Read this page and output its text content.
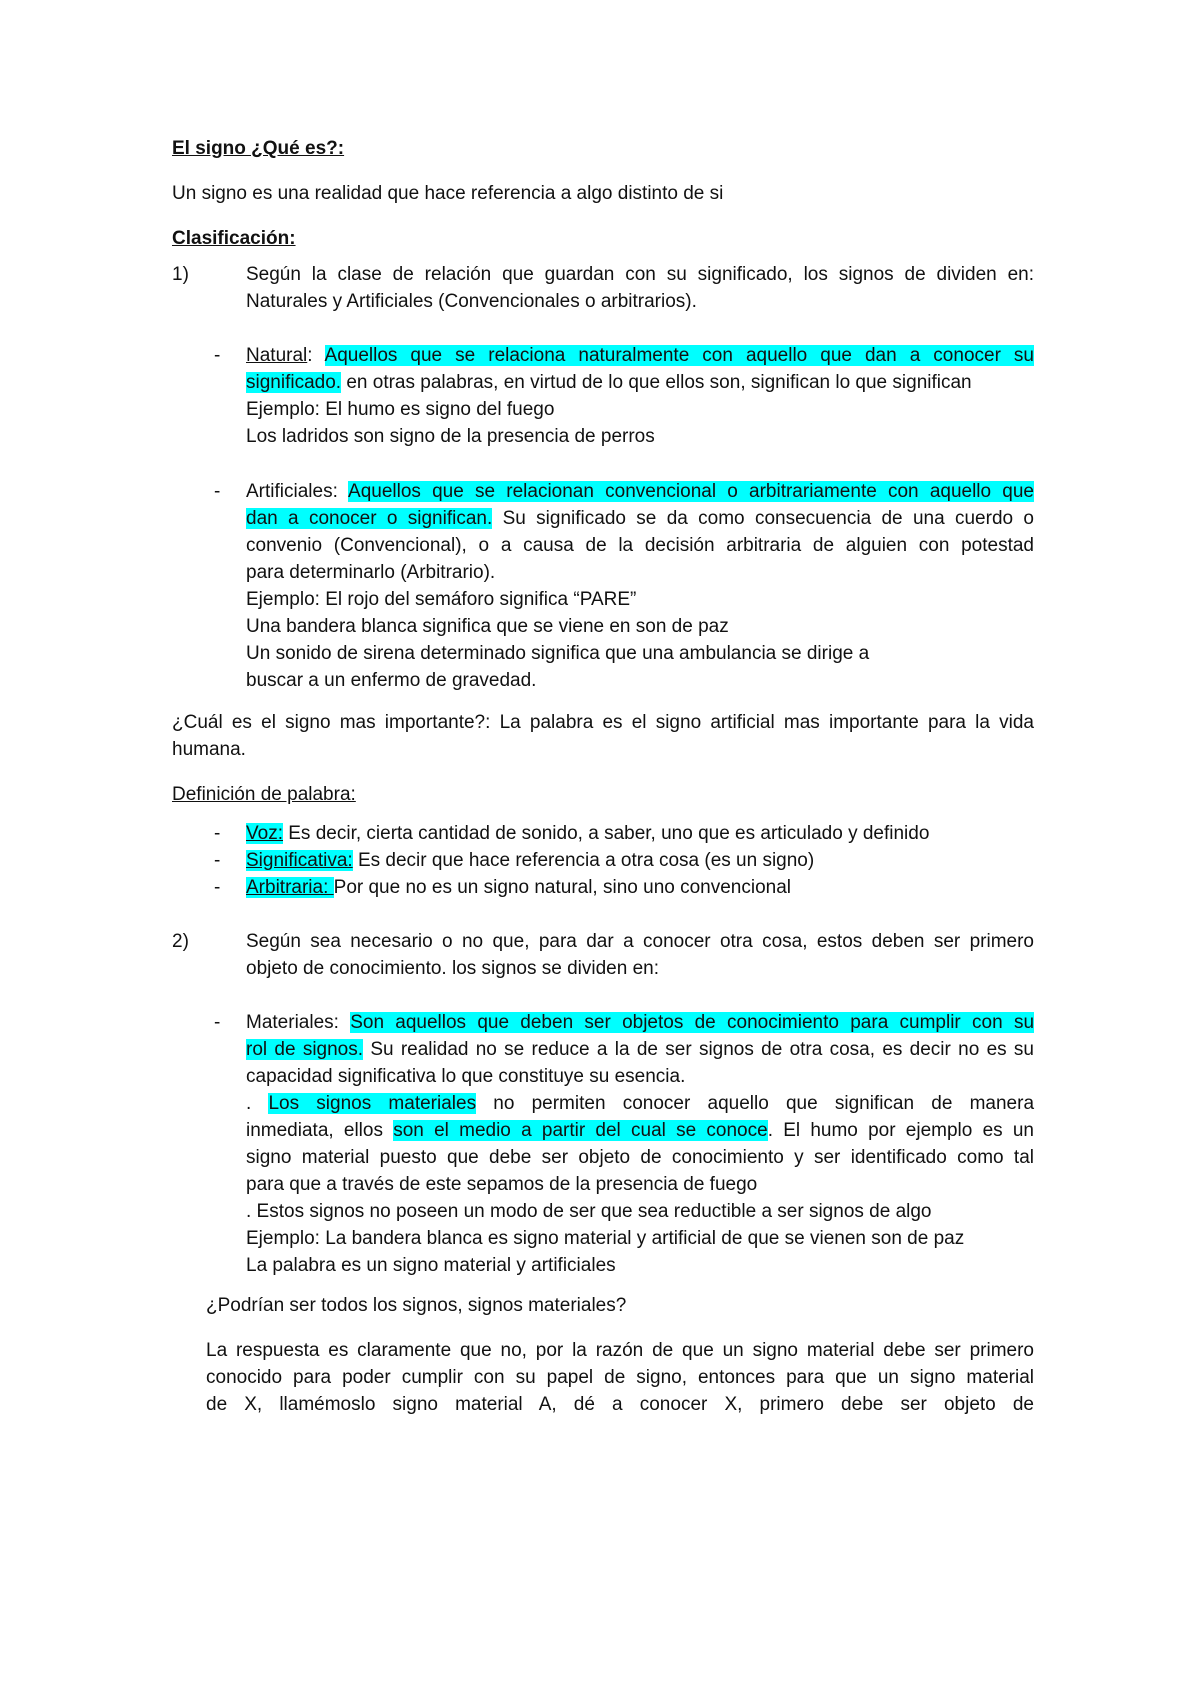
El signo ¿Qué es?:

Un signo es una realidad que hace referencia a algo distinto de si

Clasificación:

1)	Según la clase de relación que guardan con su significado, los signos de dividen en:

Naturales y Artificiales (Convencionales o arbitrarios).

- Natural: Aquellos que se relaciona naturalmente con aquello que dan a conocer su

significado. en otras palabras, en virtud de lo que ellos son, significan lo que significan

Ejemplo: El humo es signo del fuego

Los ladridos son signo de la presencia de perros

- Artificiales: Aquellos que se relacionan convencional o arbitrariamente con aquello que

dan a conocer o significan. Su significado se da como consecuencia de una cuerdo o

convenio (Convencional), o a causa de la decisión arbitraria de alguien con potestad

para determinarlo (Arbitrario).

Ejemplo: El rojo del semáforo significa “PARE”

Una bandera blanca significa que se viene en son de paz

Un sonido de sirena determinado significa que una ambulancia se dirige a

buscar a un enfermo de gravedad.

¿Cuál es el signo mas importante?: La palabra es el signo artificial mas importante para la vida

humana.

Definición de palabra:

- Voz: Es decir, cierta cantidad de sonido, a saber, uno que es articulado y definido

- Significativa: Es decir que hace referencia a otra cosa (es un signo)

- Arbitraria: Por que no es un signo natural, sino uno convencional

2)	Según sea necesario o no que, para dar a conocer otra cosa, estos deben ser primero

objeto de conocimiento. los signos se dividen en:

- Materiales: Son aquellos que deben ser objetos de conocimiento para cumplir con su

rol de signos. Su realidad no se reduce a la de ser signos de otra cosa, es decir no es su

capacidad significativa lo que constituye su esencia.

. Los signos materiales no permiten conocer aquello que significan de manera

inmediata, ellos son el medio a partir del cual se conoce. El humo por ejemplo es un

signo material puesto que debe ser objeto de conocimiento y ser identificado como tal

para que a través de este sepamos de la presencia de fuego

. Estos signos no poseen un modo de ser que sea reductible a ser signos de algo

Ejemplo: La bandera blanca es signo material y artificial de que se vienen son de paz

La palabra es un signo material y artificiales

¿Podrían ser todos los signos, signos materiales?

La respuesta es claramente que no, por la razón de que un signo material debe ser primero

conocido para poder cumplir con su papel de signo, entonces para que un signo material

de X, llamémoslo signo material A, dé a conocer X, primero debe ser objeto de
